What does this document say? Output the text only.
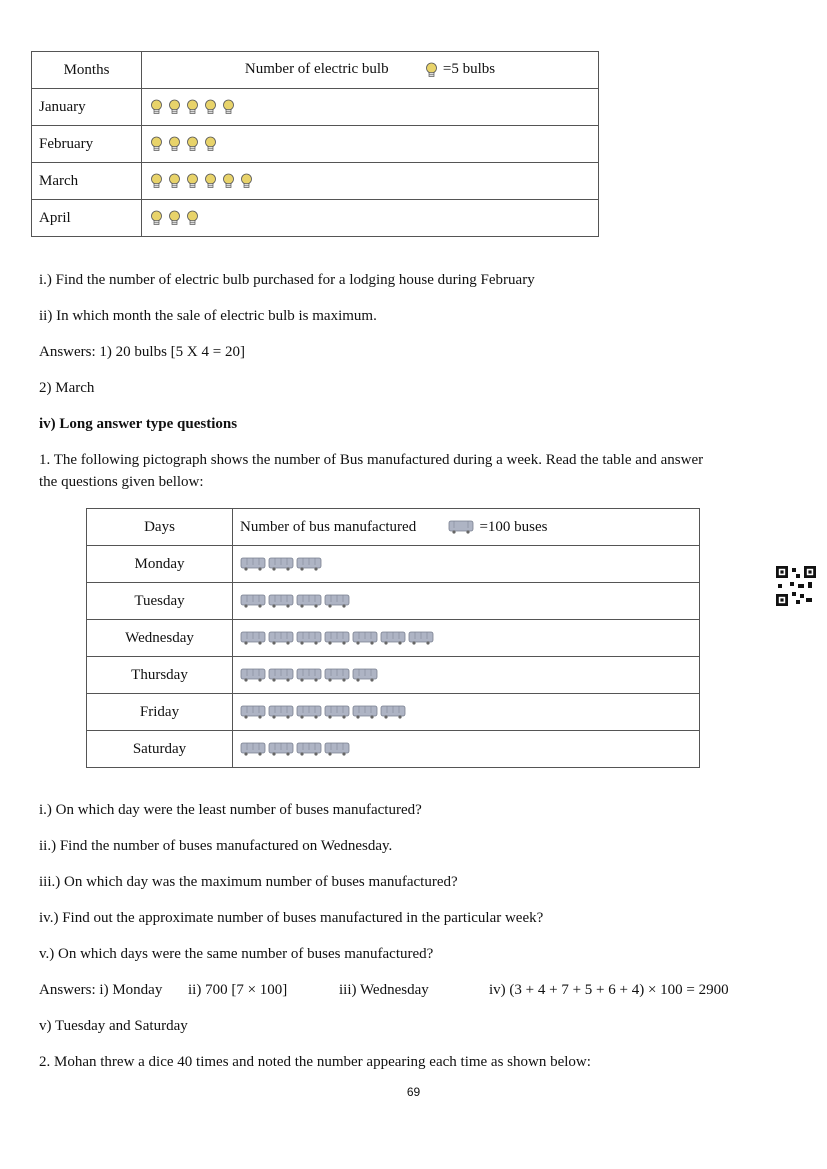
Months	Number of electric bulb =5 bulbs
January	

February	

March	

April	
i.) Find the number of electric bulb purchased for a lodging house during February
ii) In which month the sale of electric bulb is maximum.
Answers: 1) 20 bulbs [5 X 4 = 20]
2) March
iv) Long answer type questions
1. The following pictograph shows the number of Bus manufactured during a week. Read the table and answer
the questions given bellow:
Days	Number of bus manufactured =100 buses
Monday	

Tuesday	

Wednesday	

Thursday	

Friday	

Saturday	
i.) On which day were the least number of buses manufactured?
ii.) Find the number of buses manufactured on Wednesday.
iii.) On which day was the maximum number of buses manufactured?
iv.) Find out the approximate number of buses manufactured in the particular week?
v.) On which days were the same number of buses manufactured?
Answers: i) Monday ii) 700 [7 × 100]	iii) Wednesday	iv) (3 + 4 + 7 + 5 + 6 + 4) × 100 = 2900
v) Tuesday and Saturday
2. Mohan threw a dice 40 times and noted the number appearing each time as shown below:
69
